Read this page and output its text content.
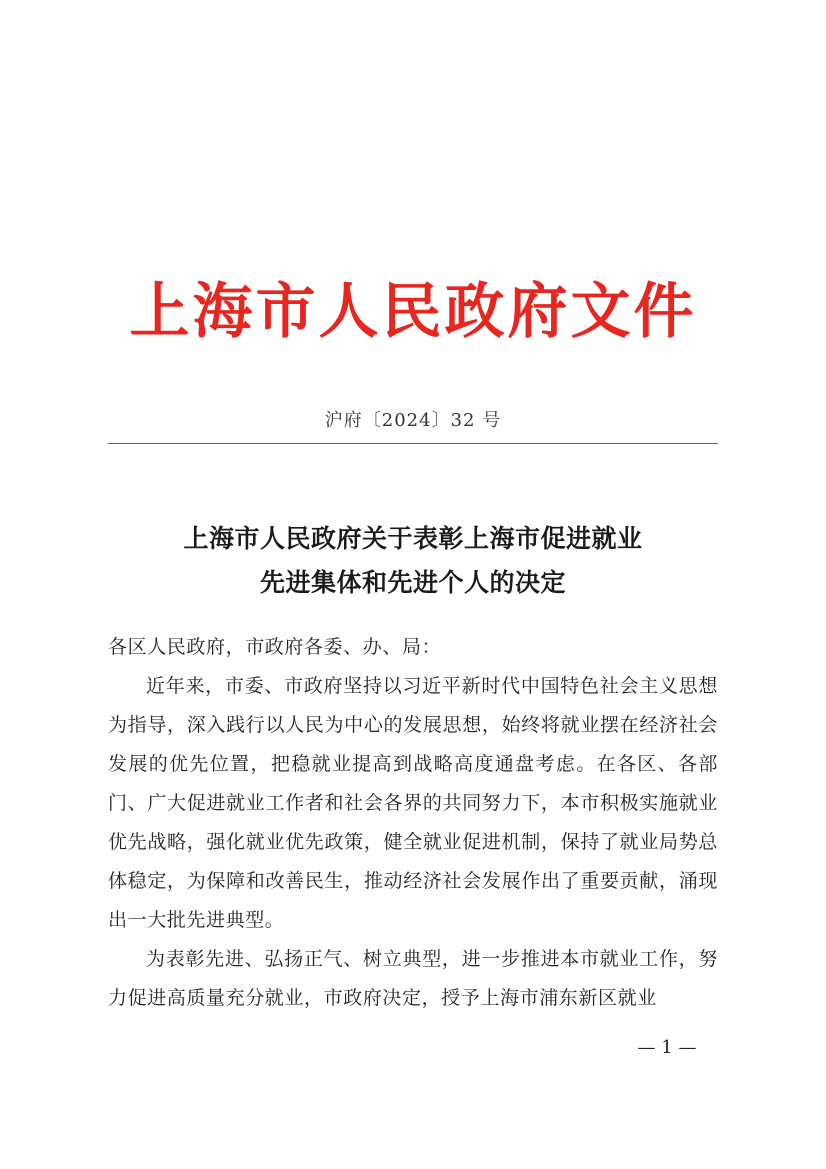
上海市人民政府文件
沪府〔2024〕32 号
上海市人民政府关于表彰上海市促进就业
先进集体和先进个人的决定

各区人民政府，市政府各委、办、局：

近年来，市委、市政府坚持以习近平新时代中国特色社会主义思想为指导，深入践行以人民为中心的发展思想，始终将就业摆在经济社会发展的优先位置，把稳就业提高到战略高度通盘考虑。在各区、各部门、广大促进就业工作者和社会各界的共同努力下，本市积极实施就业优先战略，强化就业优先政策，健全就业促进机制，保持了就业局势总体稳定，为保障和改善民生，推动经济社会发展作出了重要贡献，涌现出一大批先进典型。

为表彰先进、弘扬正气、树立典型，进一步推进本市就业工作，努力促进高质量充分就业，市政府决定，授予上海市浦东新区就业

— 1 —
